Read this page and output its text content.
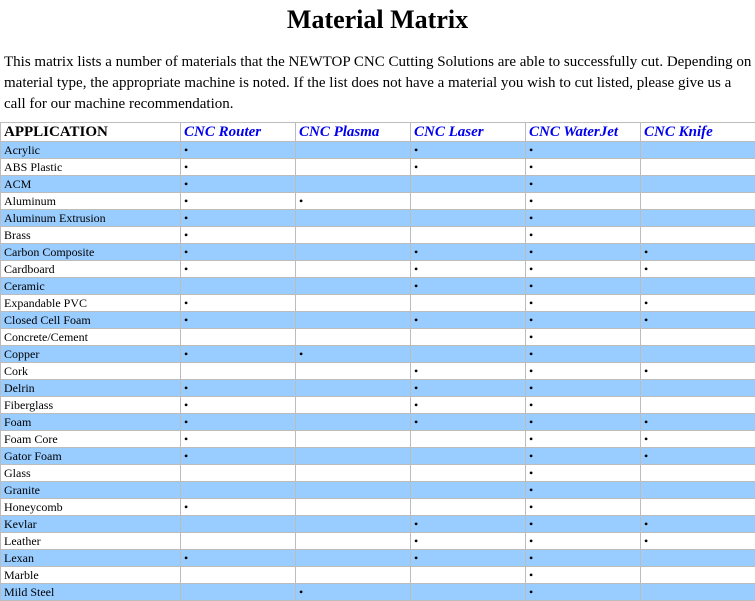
Material Matrix

This matrix lists a number of materials that the NEWTOP CNC Cutting Solutions are able to successfully cut. Depending on material type, the appropriate machine is noted. If the list does not have a material you wish to cut listed, please give us a call for our machine recommendation.

APPLICATION	CNC Router	CNC Plasma	CNC Laser	CNC WaterJet	CNC Knife
Acrylic	•		•	•	
ABS Plastic	•		•	•	
ACM	•			•	
Aluminum	•	•		•	
Aluminum Extrusion	•			•	
Brass	•			•	
Carbon Composite	•		•	•	•
Cardboard	•		•	•	•
Ceramic			•	•	
Expandable PVC	•			•	•
Closed Cell Foam	•		•	•	•
Concrete/Cement				•	
Copper	•	•		•	
Cork			•	•	•
Delrin	•		•	•	
Fiberglass	•		•	•	
Foam	•		•	•	•
Foam Core	•			•	•
Gator Foam	•			•	•
Glass				•	
Granite				•	
Honeycomb	•			•	
Kevlar			•	•	•
Leather			•	•	•
Lexan	•		•	•	
Marble				•	
Mild Steel		•		•	
